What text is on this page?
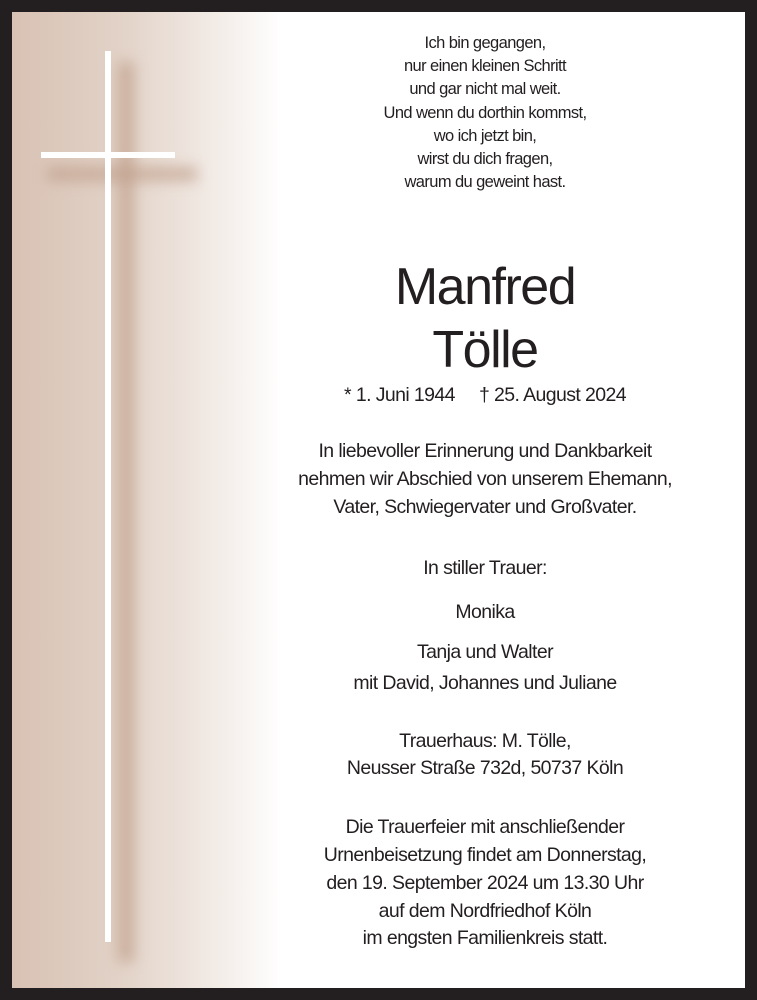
Ich bin gegangen,
nur einen kleinen Schritt
und gar nicht mal weit.
Und wenn du dorthin kommst,
wo ich jetzt bin,
wirst du dich fragen,
warum du geweint hast.
Manfred
Tölle
* 1. Juni 1944     † 25. August 2024
In liebevoller Erinnerung und Dankbarkeit
nehmen wir Abschied von unserem Ehemann,
Vater, Schwiegervater und Großvater.
In stiller Trauer:
Monika
Tanja und Walter
mit David, Johannes und Juliane
Trauerhaus: M. Tölle,
Neusser Straße 732d, 50737 Köln
Die Trauerfeier mit anschließender
Urnenbeisetzung findet am Donnerstag,
den 19. September 2024 um 13.30 Uhr
auf dem Nordfriedhof Köln
im engsten Familienkreis statt.
